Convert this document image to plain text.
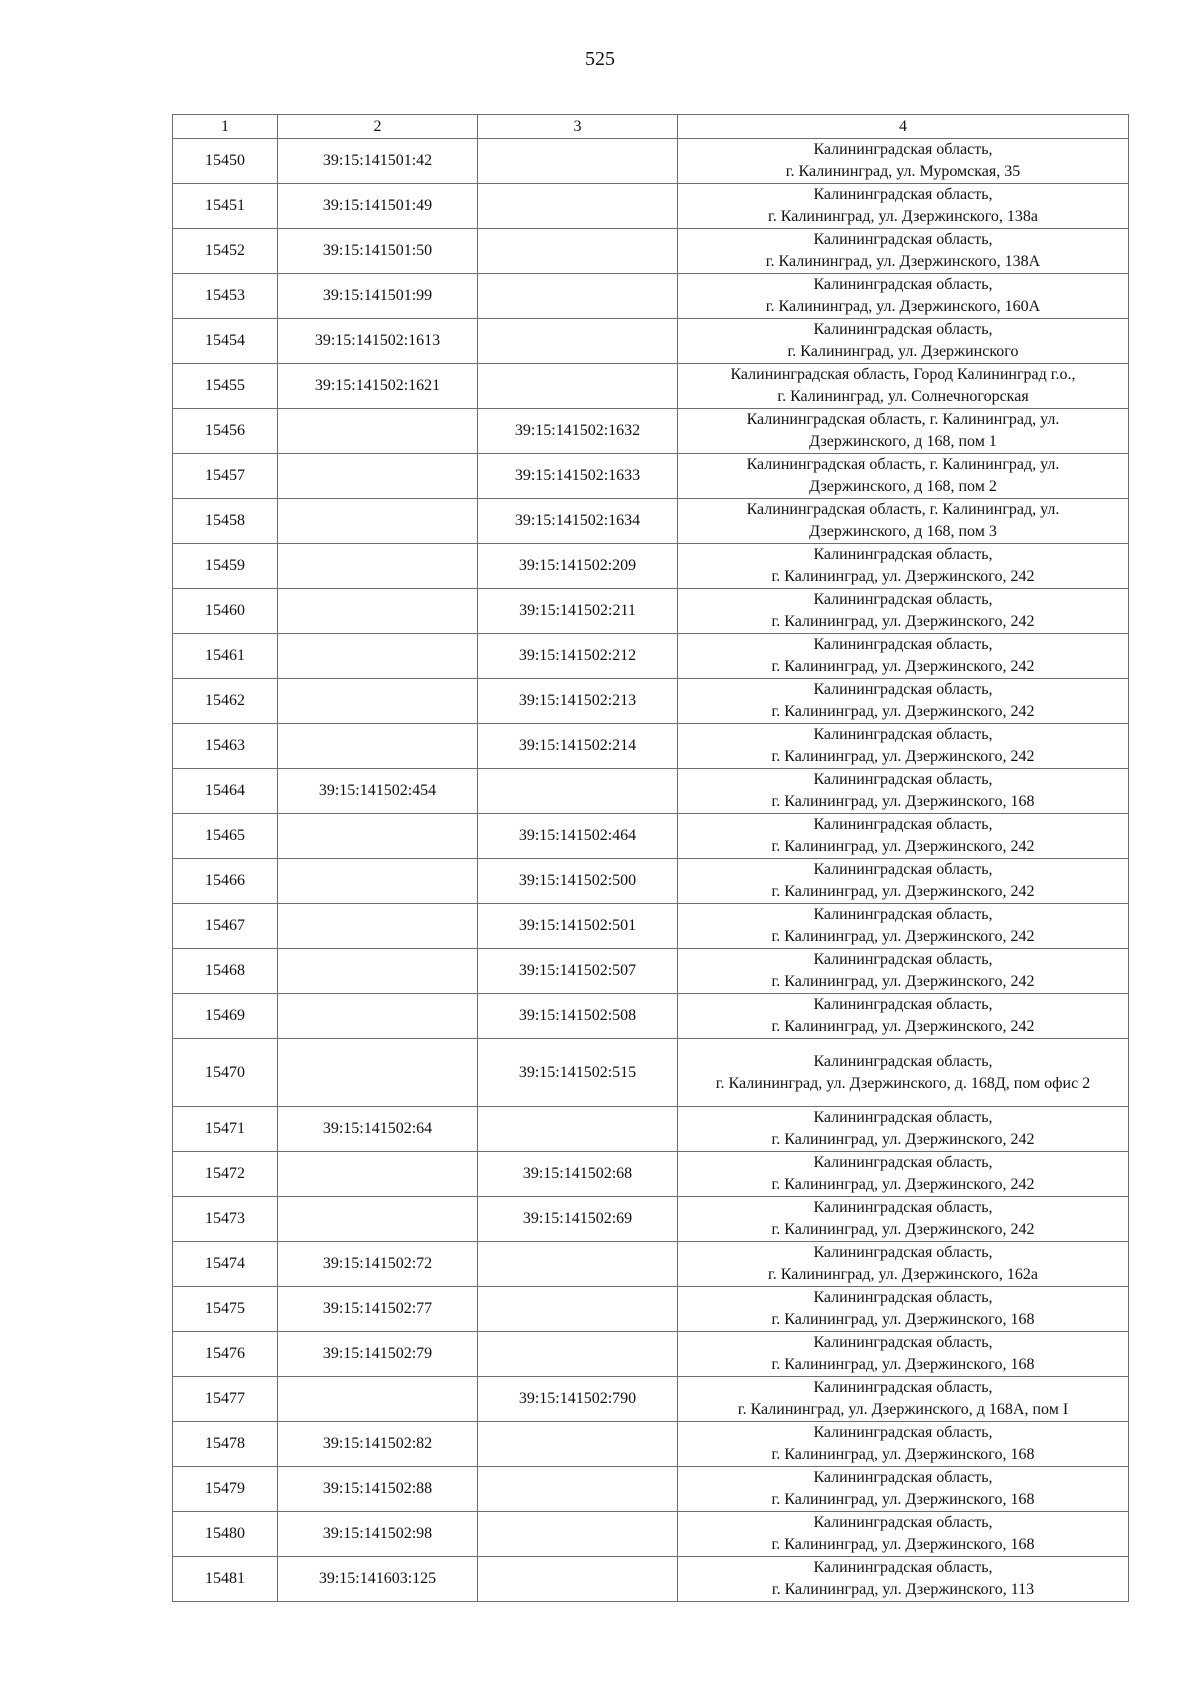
525
1	2	3	4
15450	39:15:141501:42		Калининградская область,
г. Калининград, ул. Муромская, 35

15451	39:15:141501:49		Калининградская область,
г. Калининград, ул. Дзержинского, 138а

15452	39:15:141501:50		Калининградская область,
г. Калининград, ул. Дзержинского, 138А

15453	39:15:141501:99		Калининградская область,
г. Калининград, ул. Дзержинского, 160А

15454	39:15:141502:1613		Калининградская область,
г. Калининград, ул. Дзержинского

15455	39:15:141502:1621		Калининградская область, Город Калининград г.о.,
г. Калининград, ул. Солнечногорская

15456		39:15:141502:1632	Калининградская область, г. Калининград, ул.
Дзержинского, д 168, пом 1

15457		39:15:141502:1633	Калининградская область, г. Калининград, ул.
Дзержинского, д 168, пом 2

15458		39:15:141502:1634	Калининградская область, г. Калининград, ул.
Дзержинского, д 168, пом 3

15459		39:15:141502:209	Калининградская область,
г. Калининград, ул. Дзержинского, 242

15460		39:15:141502:211	Калининградская область,
г. Калининград, ул. Дзержинского, 242

15461		39:15:141502:212	Калининградская область,
г. Калининград, ул. Дзержинского, 242

15462		39:15:141502:213	Калининградская область,
г. Калининград, ул. Дзержинского, 242

15463		39:15:141502:214	Калининградская область,
г. Калининград, ул. Дзержинского, 242

15464	39:15:141502:454		Калининградская область,
г. Калининград, ул. Дзержинского, 168

15465		39:15:141502:464	Калининградская область,
г. Калининград, ул. Дзержинского, 242

15466		39:15:141502:500	Калининградская область,
г. Калининград, ул. Дзержинского, 242

15467		39:15:141502:501	Калининградская область,
г. Калининград, ул. Дзержинского, 242

15468		39:15:141502:507	Калининградская область,
г. Калининград, ул. Дзержинского, 242

15469		39:15:141502:508	Калининградская область,
г. Калининград, ул. Дзержинского, 242

15470		39:15:141502:515	Калининградская область,
г. Калининград, ул. Дзержинского, д. 168Д, пом офис 2

15471	39:15:141502:64		Калининградская область,
г. Калининград, ул. Дзержинского, 242

15472		39:15:141502:68	Калининградская область,
г. Калининград, ул. Дзержинского, 242

15473		39:15:141502:69	Калининградская область,
г. Калининград, ул. Дзержинского, 242

15474	39:15:141502:72		Калининградская область,
г. Калининград, ул. Дзержинского, 162а

15475	39:15:141502:77		Калининградская область,
г. Калининград, ул. Дзержинского, 168

15476	39:15:141502:79		Калининградская область,
г. Калининград, ул. Дзержинского, 168

15477		39:15:141502:790	Калининградская область,
г. Калининград, ул. Дзержинского, д 168А, пом I

15478	39:15:141502:82		Калининградская область,
г. Калининград, ул. Дзержинского, 168

15479	39:15:141502:88		Калининградская область,
г. Калининград, ул. Дзержинского, 168

15480	39:15:141502:98		Калининградская область,
г. Калининград, ул. Дзержинского, 168

15481	39:15:141603:125		Калининградская область,
г. Калининград, ул. Дзержинского, 113
